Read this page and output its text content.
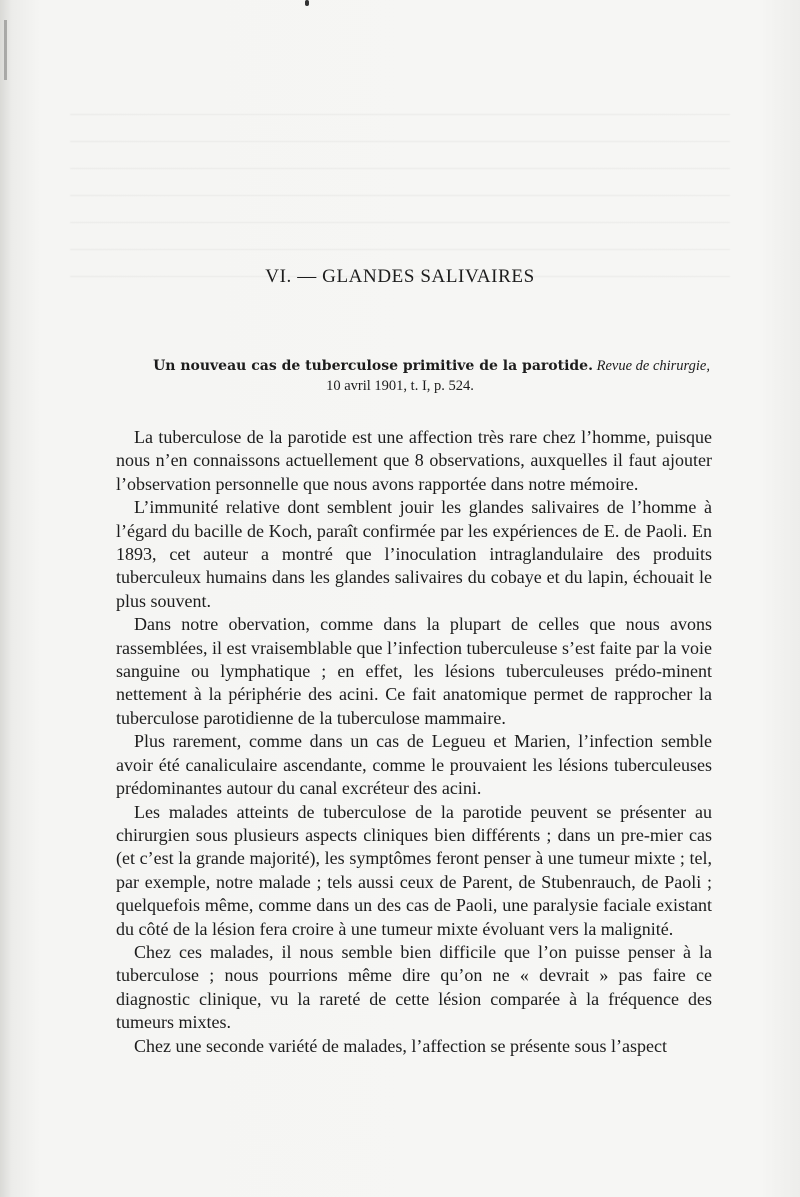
VI. — GLANDES SALIVAIRES
Un nouveau cas de tuberculose primitive de la parotide. Revue de chirurgie,
10 avril 1901, t. I, p. 524.

La tuberculose de la parotide est une affection très rare chez l’homme, puisque nous n’en connaissons actuellement que 8 observations, auxquelles il faut ajouter l’observation personnelle que nous avons rapportée dans notre mémoire.

L’immunité relative dont semblent jouir les glandes salivaires de l’homme à l’égard du bacille de Koch, paraît confirmée par les expériences de E. de Paoli. En 1893, cet auteur a montré que l’inoculation intraglandulaire des produits tuberculeux humains dans les glandes salivaires du cobaye et du lapin, échouait le plus souvent.

Dans notre obervation, comme dans la plupart de celles que nous avons rassemblées, il est vraisemblable que l’infection tuberculeuse s’est faite par la voie sanguine ou lymphatique ; en effet, les lésions tuberculeuses prédo-minent nettement à la périphérie des acini. Ce fait anatomique permet de rapprocher la tuberculose parotidienne de la tuberculose mammaire.

Plus rarement, comme dans un cas de Legueu et Marien, l’infection semble avoir été canaliculaire ascendante, comme le prouvaient les lésions tuberculeuses prédominantes autour du canal excréteur des acini.

Les malades atteints de tuberculose de la parotide peuvent se présenter au chirurgien sous plusieurs aspects cliniques bien différents ; dans un pre-mier cas (et c’est la grande majorité), les symptômes feront penser à une tumeur mixte ; tel, par exemple, notre malade ; tels aussi ceux de Parent, de Stubenrauch, de Paoli ; quelquefois même, comme dans un des cas de Paoli, une paralysie faciale existant du côté de la lésion fera croire à une tumeur mixte évoluant vers la malignité.

Chez ces malades, il nous semble bien difficile que l’on puisse penser à la tuberculose ; nous pourrions même dire qu’on ne « devrait » pas faire ce diagnostic clinique, vu la rareté de cette lésion comparée à la fréquence des tumeurs mixtes.

Chez une seconde variété de malades, l’affection se présente sous l’aspect
